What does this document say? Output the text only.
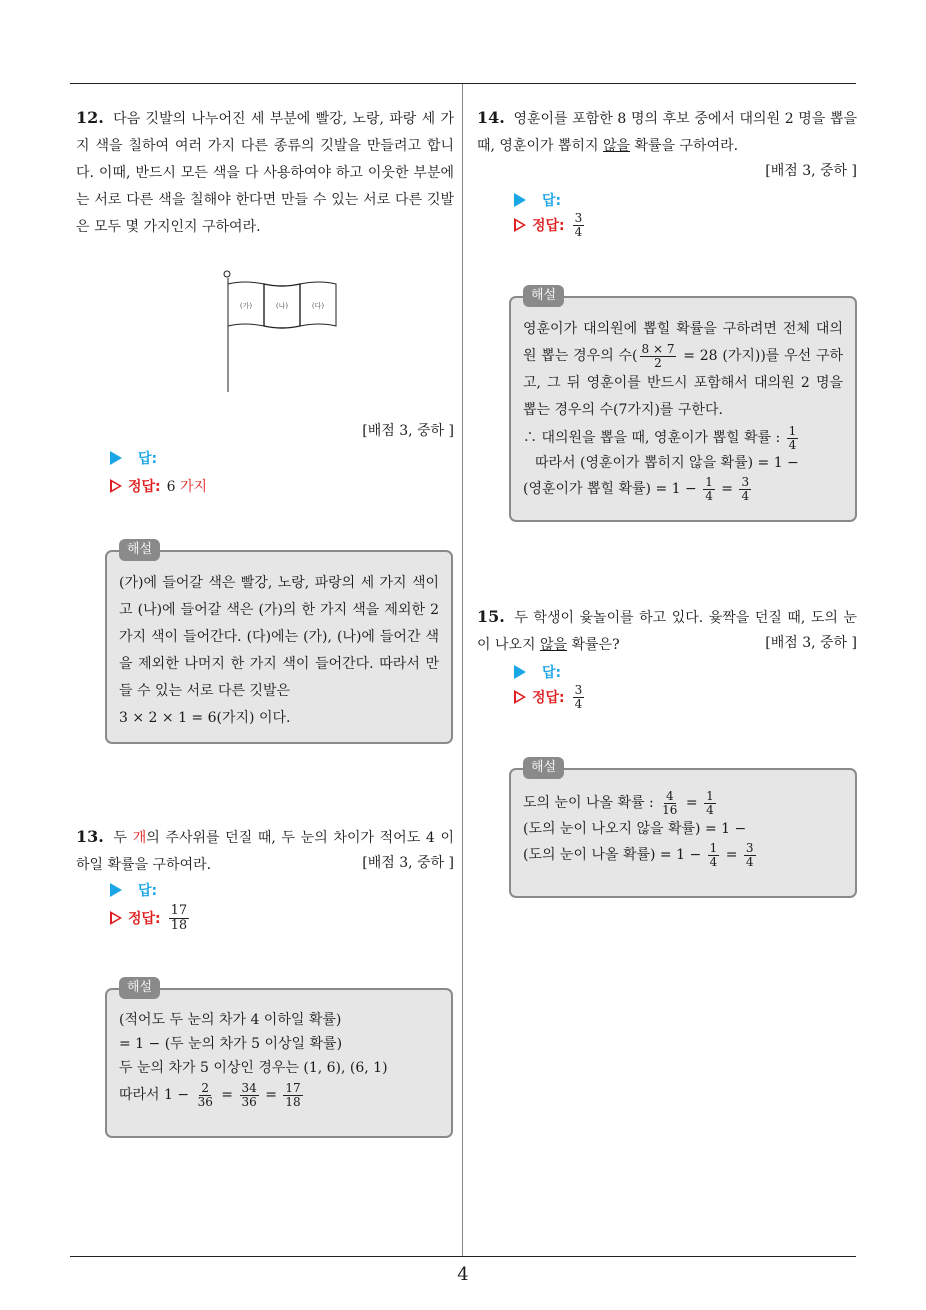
12. 다음 깃발의 나누어진 세 부분에 빨강, 노랑, 파랑 세 가지 색을 칠하여 여러 가지 다른 종류의 깃발을 만들려고 합니다. 이때, 반드시 모든 색을 다 사용하여야 하고 이웃한 부분에는 서로 다른 색을 칠해야 한다면 만들 수 있는 서로 다른 깃발은 모두 몇 가지인지 구하여라.
(가)	(나)	(다)
[배점 3, 중하 ]
답:
정답: 6 가지
해설
(가)에 들어갈 색은 빨강, 노랑, 파랑의 세 가지 색이고 (나)에 들어갈 색은 (가)의 한 가지 색을 제외한 2 가지 색이 들어간다. (다)에는 (가), (나)에 들어간 색을 제외한 나머지 한 가지 색이 들어간다. 따라서 만들 수 있는 서로 다른 깃발은
3 × 2 × 1 = 6(가지) 이다.
13. 두 개의 주사위를 던질 때, 두 눈의 차이가 적어도 4 이하일 확률을 구하여라.	[배점 3, 중하 ]
답:
정답: $\frac{17}{18}$
해설
(적어도 두 눈의 차가 4 이하일 확률)
= 1 − (두 눈의 차가 5 이상일 확률)
두 눈의 차가 5 이상인 경우는 (1, 6), (6, 1)
따라서 $1 - \frac{2}{36} = \frac{34}{36} = \frac{17}{18}$
14. 영훈이를 포함한 8 명의 후보 중에서 대의원 2 명을 뽑을 때, 영훈이가 뽑히지 않을 확률을 구하여라.
[배점 3, 중하 ]
답:
정답: $\frac{3}{4}$
해설
영훈이가 대의원에 뽑힐 확률을 구하려면 전체 대의원 뽑는 경우의 수( $\frac{8 \times 7}{2} = 28$ (가지))를 우선 구하고, 그 뒤 영훈이를 반드시 포함해서 대의원 2 명을 뽑는 경우의 수(7가지)를 구한다.
∴ 대의원을 뽑을 때, 영훈이가 뽑힐 확률 : $\frac{1}{4}$
따라서 (영훈이가 뽑히지 않을 확률) = 1 −
(영훈이가 뽑힐 확률) = $1 - \frac{1}{4} = \frac{3}{4}$
15. 두 학생이 윷놀이를 하고 있다. 윷짝을 던질 때, 도의 눈이 나오지 않을 확률은?	[배점 3, 중하 ]
답:
정답: $\frac{3}{4}$
해설
도의 눈이 나올 확률 : $\frac{4}{16} = \frac{1}{4}$
(도의 눈이 나오지 않을 확률) = 1 −
(도의 눈이 나올 확률) = $1 - \frac{1}{4} = \frac{3}{4}$
4
